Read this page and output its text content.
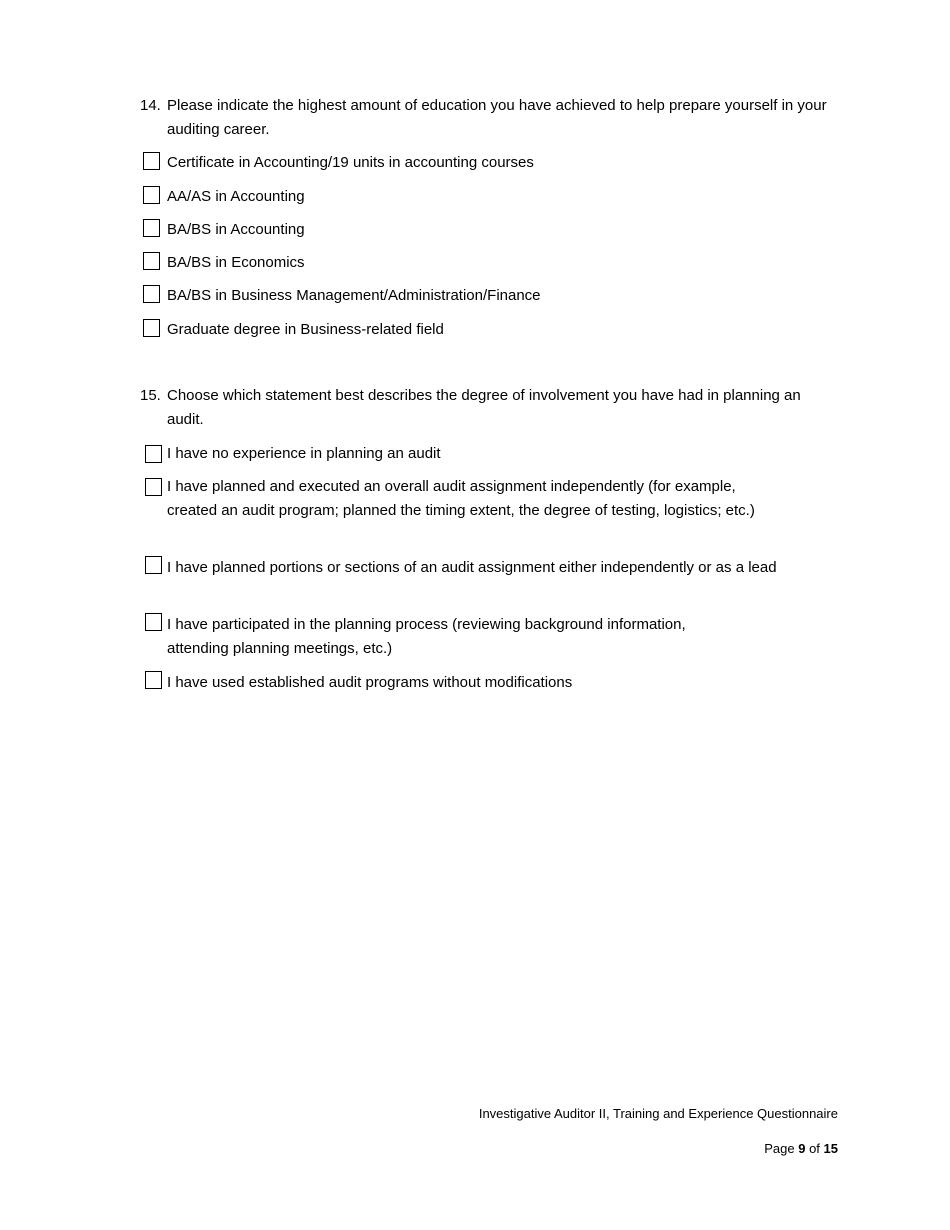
14. Please indicate the highest amount of education you have achieved to help prepare yourself in your auditing career.
Certificate in Accounting/19 units in accounting courses
AA/AS in Accounting
BA/BS in Accounting
BA/BS in Economics
BA/BS in Business Management/Administration/Finance
Graduate degree in Business-related field
15. Choose which statement best describes the degree of involvement you have had in planning an audit.
I have no experience in planning an audit
I have planned and executed an overall audit assignment independently (for example, created an audit program; planned the timing extent, the degree of testing, logistics; etc.)
I have planned portions or sections of an audit assignment either independently or as a lead
I have participated in the planning process (reviewing background information, attending planning meetings, etc.)
I have used established audit programs without modifications
Investigative Auditor II, Training and Experience Questionnaire
Page 9 of 15
